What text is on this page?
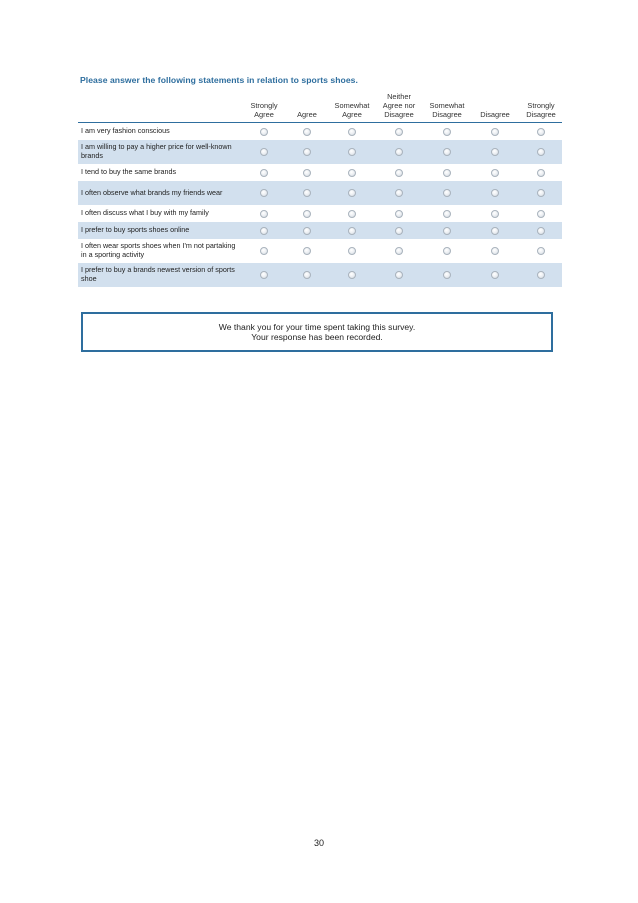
Please answer the following statements in relation to sports shoes.
Strongly
Agree	Agree
Somewhat
Agree
Neither
Agree nor
Disagree
Somewhat
Disagree	Disagree
Strongly
Disagree
I am very fashion conscious
I am willing to pay a higher price for well-known brands
I tend to buy the same brands
I often observe what brands my friends wear
I often discuss what I buy with my family
I prefer to buy sports shoes online
I often wear sports shoes when I'm not partaking in a sporting activity
I prefer to buy a brands newest version of sports shoe
We thank you for your time spent taking this survey.
Your response has been recorded.
30
